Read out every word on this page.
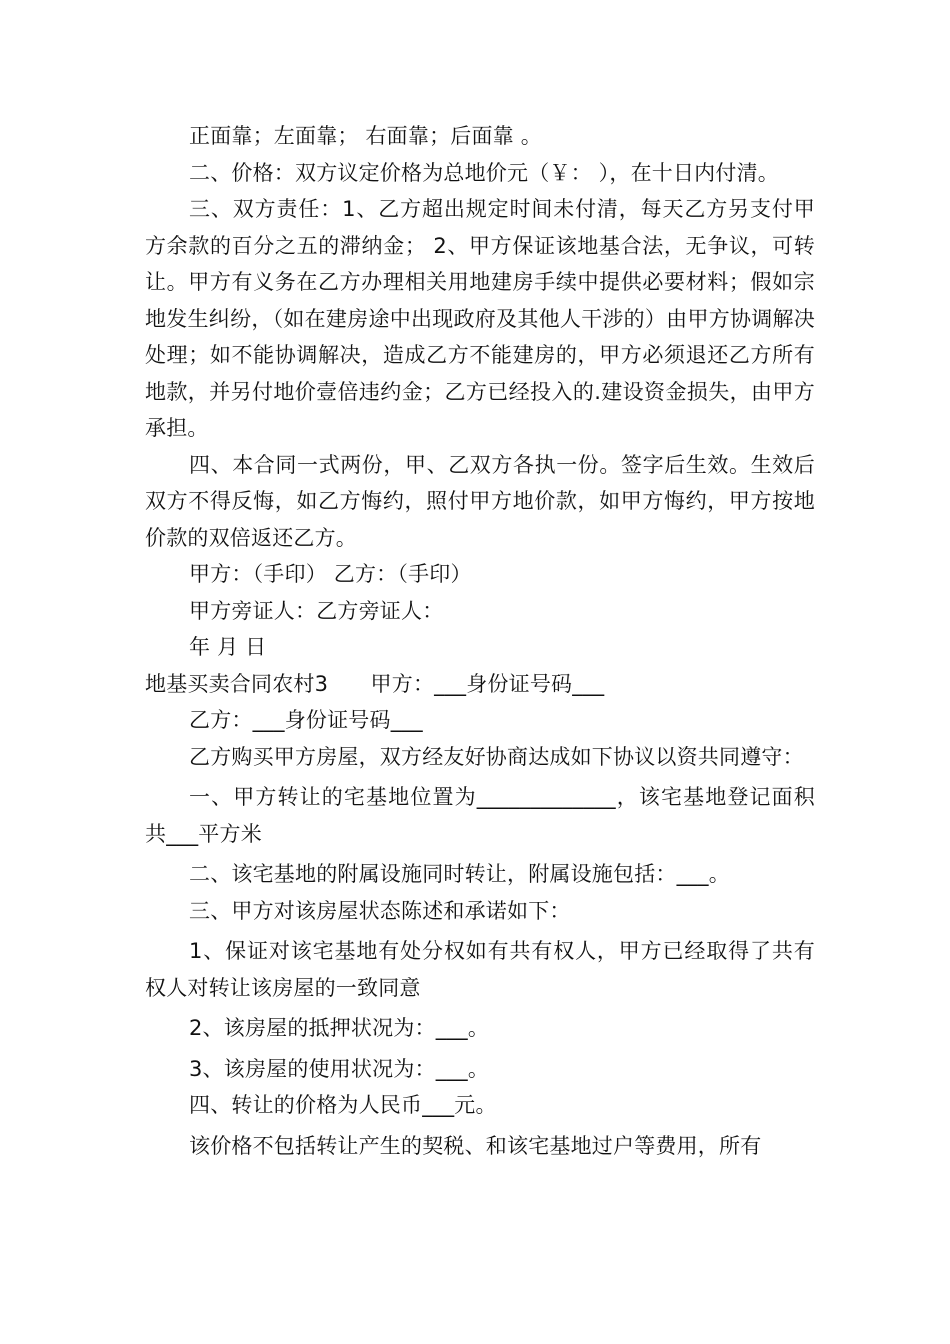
正面靠；左面靠； 右面靠；后面靠 。

二、价格：双方议定价格为总地价元（￥： ），在十日内付清。

三、双方责任：1、乙方超出规定时间未付清，每天乙方另支付甲方余款的百分之五的滞纳金； 2、甲方保证该地基合法，无争议，可转让。甲方有义务在乙方办理相关用地建房手续中提供必要材料；假如宗地发生纠纷，（如在建房途中出现政府及其他人干涉的）由甲方协调解决处理；如不能协调解决，造成乙方不能建房的，甲方必须退还乙方所有地款，并另付地价壹倍违约金；乙方已经投入的.建设资金损失，由甲方承担。

四、本合同一式两份，甲、乙双方各执一份。签字后生效。生效后双方不得反悔，如乙方悔约，照付甲方地价款，如甲方悔约，甲方按地价款的双倍返还乙方。

甲方：（手印） 乙方：（手印）

甲方旁证人：乙方旁证人：

年 月 日

地基买卖合同农村3　　甲方：___身份证号码___

乙方：___身份证号码___

乙方购买甲方房屋，双方经友好协商达成如下协议以资共同遵守：

一、甲方转让的宅基地位置为_____________，该宅基地登记面积共___平方米

二、该宅基地的附属设施同时转让，附属设施包括：___。

三、甲方对该房屋状态陈述和承诺如下：

1、保证对该宅基地有处分权如有共有权人，甲方已经取得了共有权人对转让该房屋的一致同意

2、该房屋的抵押状况为：___。

3、该房屋的使用状况为：___。

四、转让的价格为人民币___元。

该价格不包括转让产生的契税、和该宅基地过户等费用，所有
